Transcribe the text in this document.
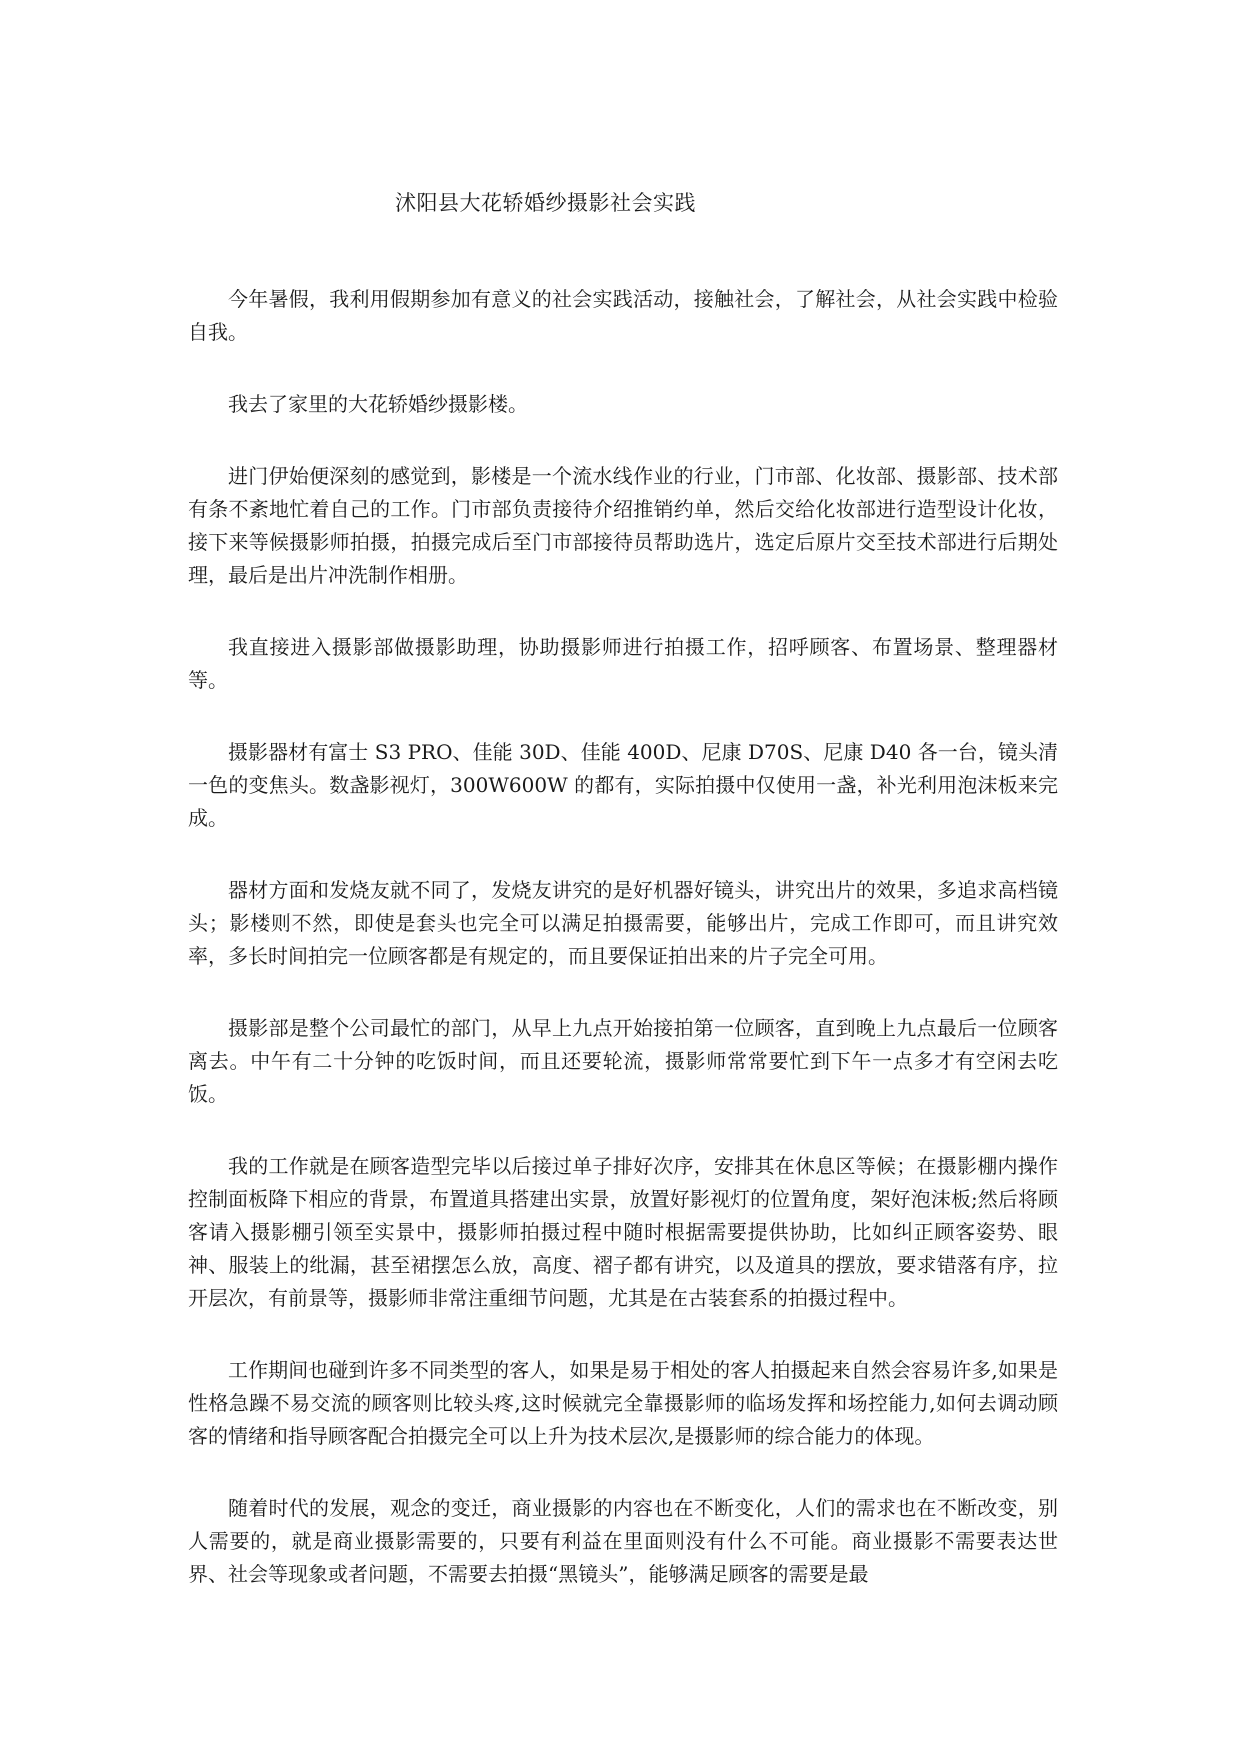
沭阳县大花轿婚纱摄影社会实践

今年暑假，我利用假期参加有意义的社会实践活动，接触社会，了解社会，从社会实践中检验自我。

我去了家里的大花轿婚纱摄影楼。

进门伊始便深刻的感觉到，影楼是一个流水线作业的行业，门市部、化妆部、摄影部、技术部有条不紊地忙着自己的工作。门市部负责接待介绍推销约单，然后交给化妆部进行造型设计化妆，接下来等候摄影师拍摄，拍摄完成后至门市部接待员帮助选片，选定后原片交至技术部进行后期处理，最后是出片冲洗制作相册。

我直接进入摄影部做摄影助理，协助摄影师进行拍摄工作，招呼顾客、布置场景、整理器材等。

摄影器材有富士 S3 PRO、佳能 30D、佳能 400D、尼康 D70S、尼康 D40 各一台，镜头清一色的变焦头。数盏影视灯，300W600W 的都有，实际拍摄中仅使用一盏，补光利用泡沫板来完成。

器材方面和发烧友就不同了，发烧友讲究的是好机器好镜头，讲究出片的效果，多追求高档镜头；影楼则不然，即使是套头也完全可以满足拍摄需要，能够出片，完成工作即可，而且讲究效率，多长时间拍完一位顾客都是有规定的，而且要保证拍出来的片子完全可用。

摄影部是整个公司最忙的部门，从早上九点开始接拍第一位顾客，直到晚上九点最后一位顾客离去。中午有二十分钟的吃饭时间，而且还要轮流，摄影师常常要忙到下午一点多才有空闲去吃饭。

我的工作就是在顾客造型完毕以后接过单子排好次序，安排其在休息区等候；在摄影棚内操作控制面板降下相应的背景，布置道具搭建出实景，放置好影视灯的位置角度，架好泡沫板;然后将顾客请入摄影棚引领至实景中，摄影师拍摄过程中随时根据需要提供协助，比如纠正顾客姿势、眼神、服装上的纰漏，甚至裙摆怎么放，高度、褶子都有讲究，以及道具的摆放，要求错落有序，拉开层次，有前景等，摄影师非常注重细节问题，尤其是在古装套系的拍摄过程中。

工作期间也碰到许多不同类型的客人，如果是易于相处的客人拍摄起来自然会容易许多,如果是性格急躁不易交流的顾客则比较头疼,这时候就完全靠摄影师的临场发挥和场控能力,如何去调动顾客的情绪和指导顾客配合拍摄完全可以上升为技术层次,是摄影师的综合能力的体现。

随着时代的发展，观念的变迁，商业摄影的内容也在不断变化，人们的需求也在不断改变，别人需要的，就是商业摄影需要的，只要有利益在里面则没有什么不可能。商业摄影不需要表达世界、社会等现象或者问题，不需要去拍摄“黑镜头”，能够满足顾客的需要是最
